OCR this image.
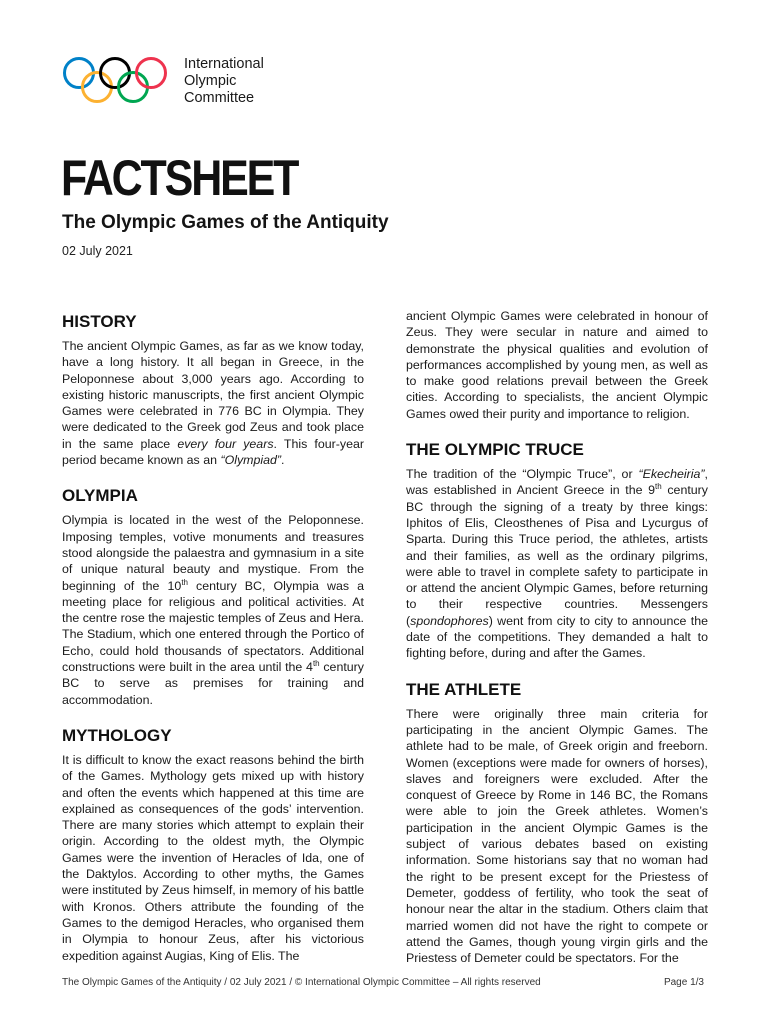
International
Olympic
Committee
FACTSHEET
The Olympic Games of the Antiquity
02 July 2021
HISTORY

The ancient Olympic Games, as far as we know today, have a long history. It all began in Greece, in the Peloponnese about 3,000 years ago. According to existing historic manuscripts, the first ancient Olympic Games were celebrated in 776 BC in Olympia. They were dedicated to the Greek god Zeus and took place in the same place every four years. This four-year period became known as an “Olympiad”.

OLYMPIA

Olympia is located in the west of the Peloponnese. Imposing temples, votive monuments and treasures stood alongside the palaestra and gymnasium in a site of unique natural beauty and mystique. From the beginning of the 10th century BC, Olympia was a meeting place for religious and political activities. At the centre rose the majestic temples of Zeus and Hera. The Stadium, which one entered through the Portico of Echo, could hold thousands of spectators. Additional constructions were built in the area until the 4th century BC to serve as premises for training and accommodation.

MYTHOLOGY

It is difficult to know the exact reasons behind the birth of the Games. Mythology gets mixed up with history and often the events which happened at this time are explained as consequences of the gods’ intervention. There are many stories which attempt to explain their origin. According to the oldest myth, the Olympic Games were the invention of Heracles of Ida, one of the Daktylos. According to other myths, the Games were instituted by Zeus himself, in memory of his battle with Kronos. Others attribute the founding of the Games to the demigod Heracles, who organised them in Olympia to honour Zeus, after his victorious expedition against Augias, King of Elis. The

ancient Olympic Games were celebrated in honour of Zeus. They were secular in nature and aimed to demonstrate the physical qualities and evolution of performances accomplished by young men, as well as to make good relations prevail between the Greek cities. According to specialists, the ancient Olympic Games owed their purity and importance to religion.

THE OLYMPIC TRUCE

The tradition of the “Olympic Truce”, or “Ekecheiria”, was established in Ancient Greece in the 9th century BC through the signing of a treaty by three kings: Iphitos of Elis, Cleosthenes of Pisa and Lycurgus of Sparta. During this Truce period, the athletes, artists and their families, as well as the ordinary pilgrims, were able to travel in complete safety to participate in or attend the ancient Olympic Games, before returning to their respective countries. Messengers (spondophores) went from city to city to announce the date of the competitions. They demanded a halt to fighting before, during and after the Games.

THE ATHLETE

There were originally three main criteria for participating in the ancient Olympic Games. The athlete had to be male, of Greek origin and freeborn. Women (exceptions were made for owners of horses), slaves and foreigners were excluded. After the conquest of Greece by Rome in 146 BC, the Romans were able to join the Greek athletes. Women’s participation in the ancient Olympic Games is the subject of various debates based on existing information. Some historians say that no woman had the right to be present except for the Priestess of Demeter, goddess of fertility, who took the seat of honour near the altar in the stadium. Others claim that married women did not have the right to compete or attend the Games, though young virgin girls and the Priestess of Demeter could be spectators. For the

The Olympic Games of the Antiquity / 02 July 2021 / © International Olympic Committee – All rights reserved	Page 1/3
